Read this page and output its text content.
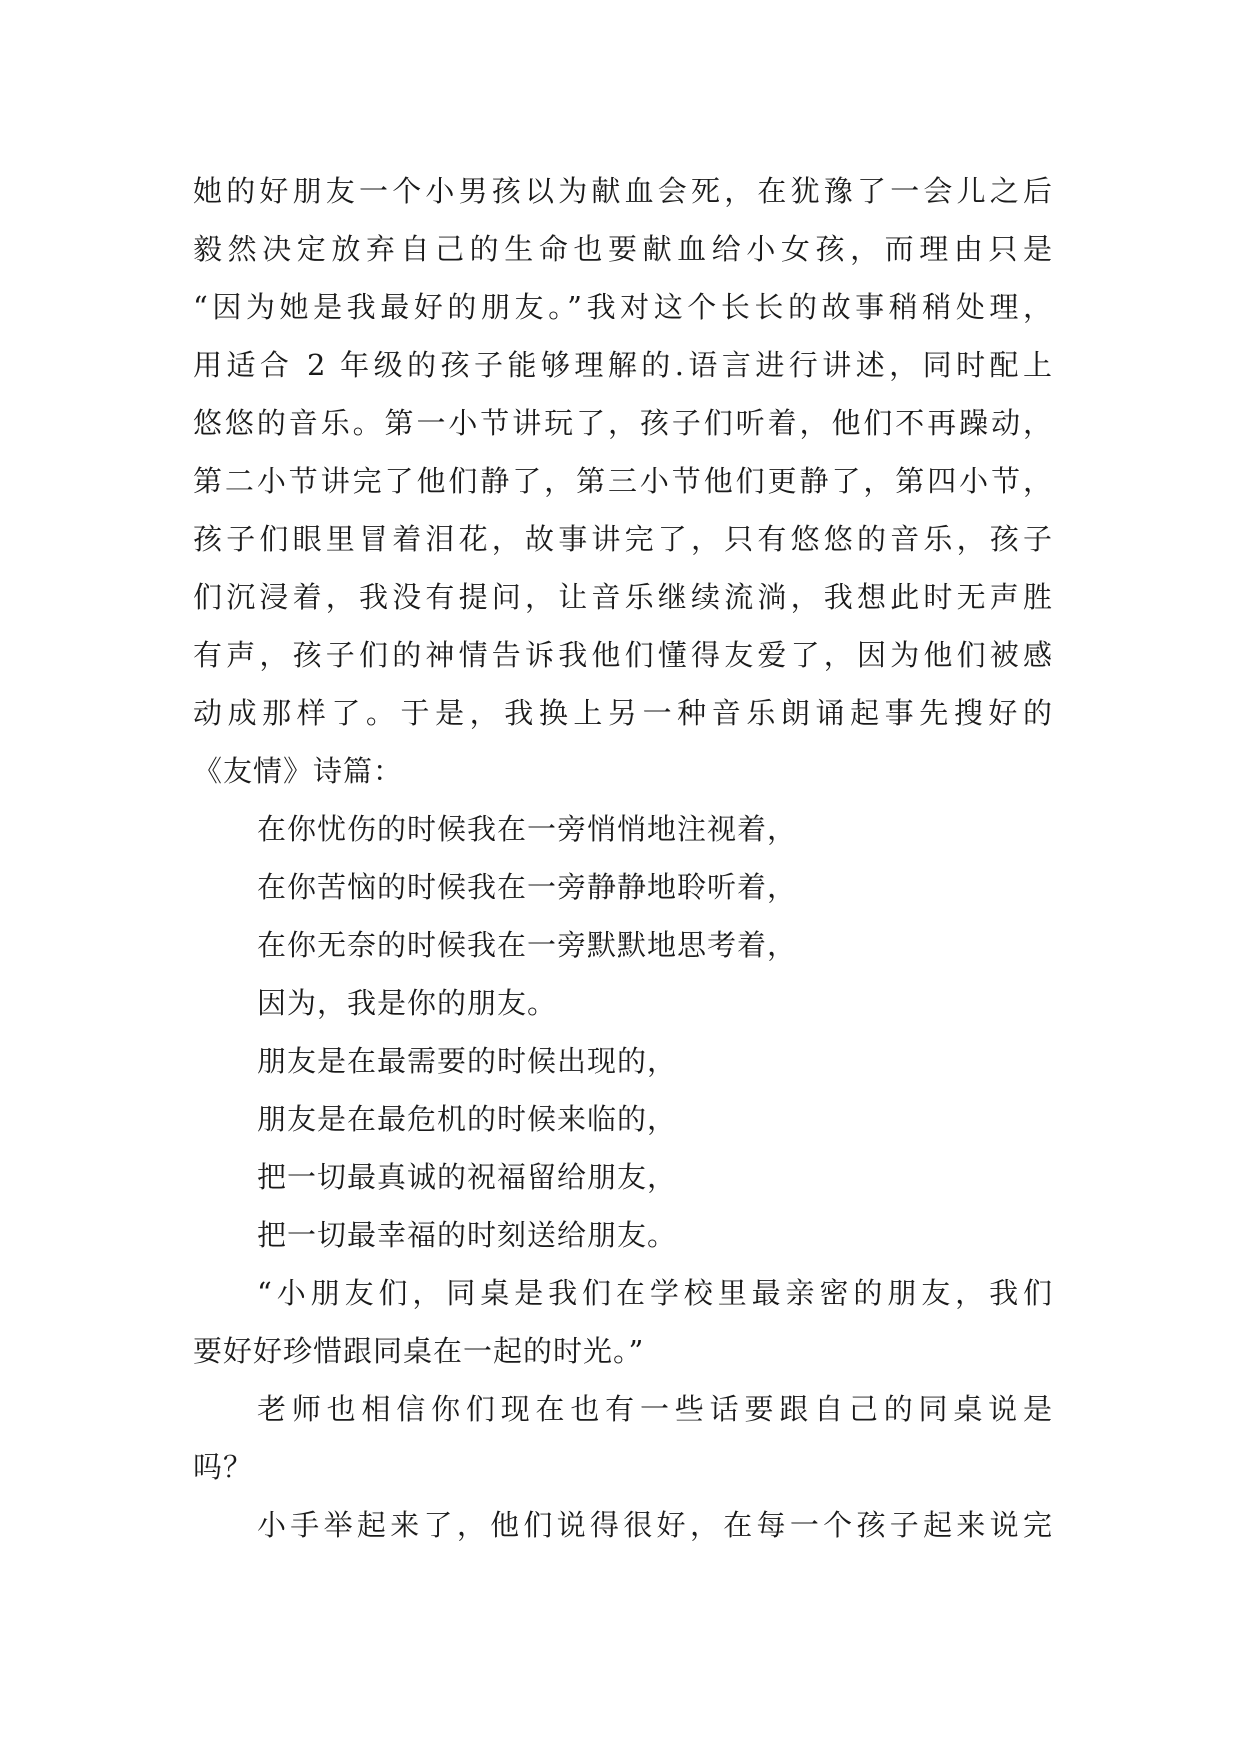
她的好朋友一个小男孩以为献血会死，在犹豫了一会儿之后
毅然决定放弃自己的生命也要献血给小女孩，而理由只是
“因为她是我最好的朋友。”我对这个长长的故事稍稍处理，
用适合 2 年级的孩子能够理解的.语言进行讲述，同时配上
悠悠的音乐。第一小节讲玩了，孩子们听着，他们不再躁动，
第二小节讲完了他们静了，第三小节他们更静了，第四小节，
孩子们眼里冒着泪花，故事讲完了，只有悠悠的音乐，孩子
们沉浸着，我没有提问，让音乐继续流淌，我想此时无声胜
有声，孩子们的神情告诉我他们懂得友爱了，因为他们被感
动成那样了。于是，我换上另一种音乐朗诵起事先搜好的
《友情》诗篇：
在你忧伤的时候我在一旁悄悄地注视着，
在你苦恼的时候我在一旁静静地聆听着，
在你无奈的时候我在一旁默默地思考着，
因为，我是你的朋友。
朋友是在最需要的时候出现的，
朋友是在最危机的时候来临的，
把一切最真诚的祝福留给朋友，
把一切最幸福的时刻送给朋友。
“小朋友们，同桌是我们在学校里最亲密的朋友，我们
要好好珍惜跟同桌在一起的时光。”
老师也相信你们现在也有一些话要跟自己的同桌说是
吗？
小手举起来了，他们说得很好，在每一个孩子起来说完
